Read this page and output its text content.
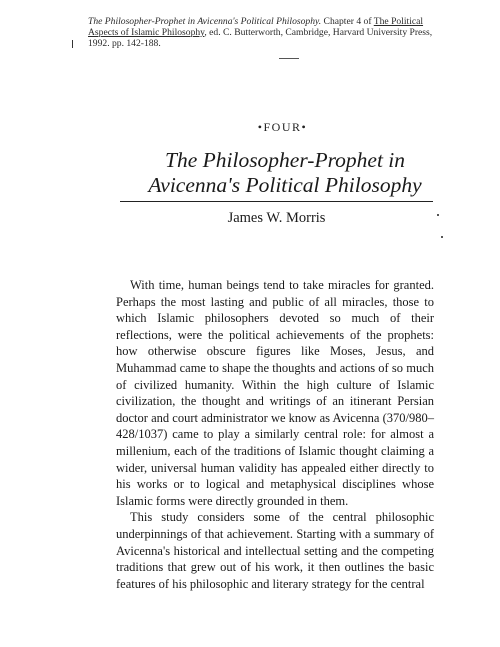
The Philosopher-Prophet in Avicenna's Political Philosophy. Chapter 4 of The Political Aspects of Islamic Philosophy, ed. C. Butterworth, Cambridge, Harvard University Press, 1992. pp. 142-188.
•FOUR•
The Philosopher-Prophet in
Avicenna's Political Philosophy
James W. Morris

With time, human beings tend to take miracles for granted. Perhaps the most lasting and public of all miracles, those to which Islamic philosophers devoted so much of their reflections, were the political achievements of the prophets: how otherwise obscure figures like Moses, Jesus, and Muhammad came to shape the thoughts and actions of so much of civilized humanity. Within the high culture of Islamic civilization, the thought and writings of an itinerant Persian doctor and court administrator we know as Avicenna (370/980–428/1037) came to play a similarly central role: for almost a millenium, each of the traditions of Islamic thought claiming a wider, universal human validity has appealed either directly to his works or to logical and metaphysical disciplines whose Islamic forms were directly grounded in them.

This study considers some of the central philosophic underpinnings of that achievement. Starting with a summary of Avicenna's historical and intellectual setting and the competing traditions that grew out of his work, it then outlines the basic features of his philosophic and literary strategy for the central
